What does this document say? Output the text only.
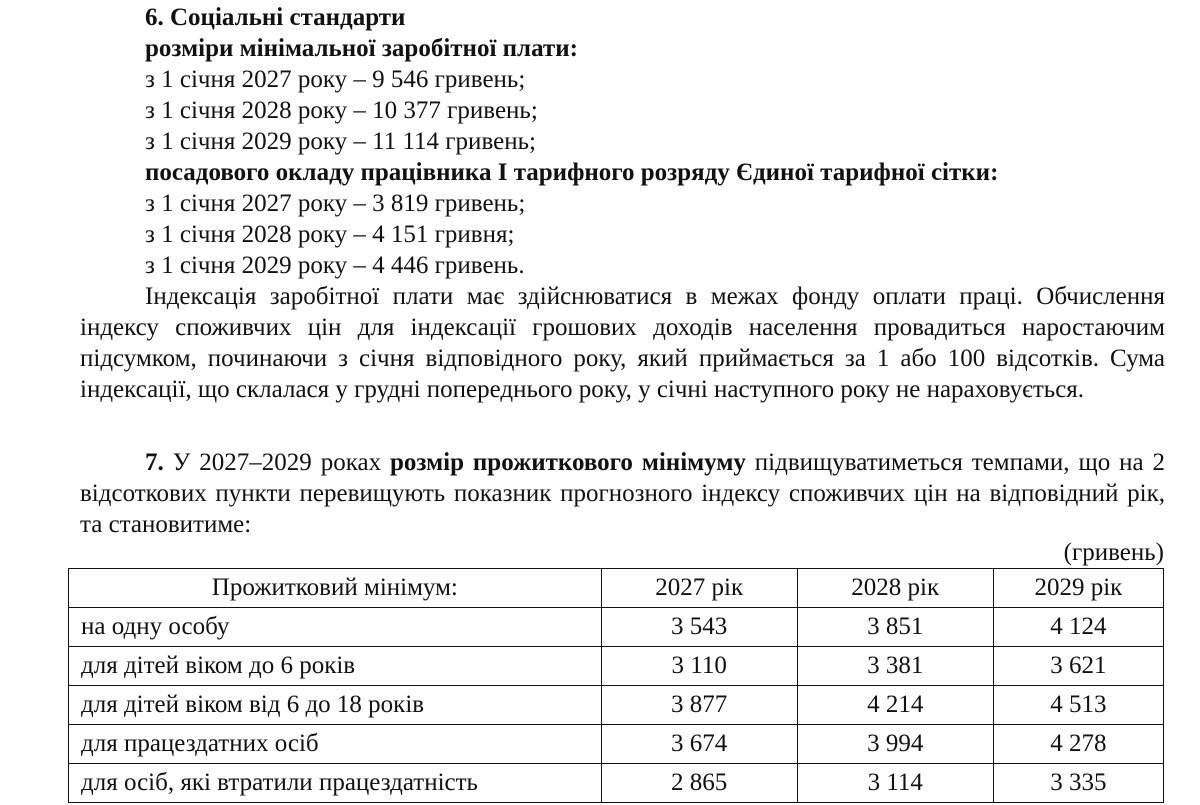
6. Соціальні стандарти
розміри мінімальної заробітної плати:
з 1 січня 2027 року – 9 546 гривень;
з 1 січня 2028 року – 10 377 гривень;
з 1 січня 2029 року – 11 114 гривень;
посадового окладу працівника І тарифного розряду Єдиної тарифної сітки:
з 1 січня 2027 року – 3 819 гривень;
з 1 січня 2028 року – 4 151 гривня;
з 1 січня 2029 року – 4 446 гривень.
Індексація заробітної плати має здійснюватися в межах фонду оплати праці. Обчислення індексу споживчих цін для індексації грошових доходів населення провадиться наростаючим підсумком, починаючи з січня відповідного року, який приймається за 1 або 100 відсотків. Сума індексації, що склалася у грудні попереднього року, у січні наступного року не нараховується.
7. У 2027–2029 роках розмір прожиткового мінімуму підвищуватиметься темпами, що на 2 відсоткових пункти перевищують показник прогнозного індексу споживчих цін на відповідний рік, та становитиме:
(гривень)
Прожитковий мінімум:	2027 рік	2028 рік	2029 рік
на одну особу	3 543	3 851	4 124
для дітей віком до 6 років	3 110	3 381	3 621
для дітей віком від 6 до 18 років	3 877	4 214	4 513
для працездатних осіб	3 674	3 994	4 278
для осіб, які втратили працездатність	2 865	3 114	3 335
